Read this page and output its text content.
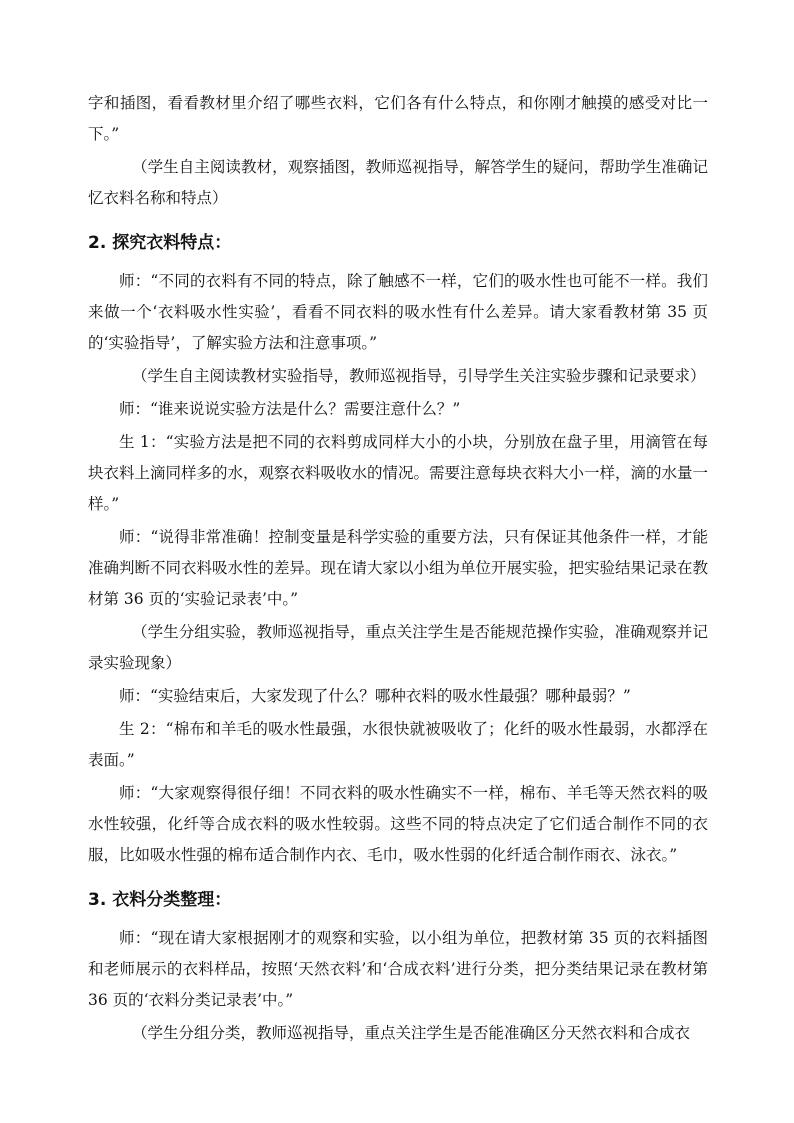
字和插图，看看教材里介绍了哪些衣料，它们各有什么特点，和你刚才触摸的感受对比一下。”

（学生自主阅读教材，观察插图，教师巡视指导，解答学生的疑问，帮助学生准确记忆衣料名称和特点）

2. 探究衣料特点：

师：“不同的衣料有不同的特点，除了触感不一样，它们的吸水性也可能不一样。我们来做一个‘衣料吸水性实验’，看看不同衣料的吸水性有什么差异。请大家看教材第 35 页的‘实验指导’，了解实验方法和注意事项。”

（学生自主阅读教材实验指导，教师巡视指导，引导学生关注实验步骤和记录要求）

师：“谁来说说实验方法是什么？需要注意什么？”

生 1：“实验方法是把不同的衣料剪成同样大小的小块，分别放在盘子里，用滴管在每块衣料上滴同样多的水，观察衣料吸收水的情况。需要注意每块衣料大小一样，滴的水量一样。”

师：“说得非常准确！控制变量是科学实验的重要方法，只有保证其他条件一样，才能准确判断不同衣料吸水性的差异。现在请大家以小组为单位开展实验，把实验结果记录在教材第 36 页的‘实验记录表’中。”

（学生分组实验，教师巡视指导，重点关注学生是否能规范操作实验，准确观察并记录实验现象）

师：“实验结束后，大家发现了什么？哪种衣料的吸水性最强？哪种最弱？”

生 2：“棉布和羊毛的吸水性最强，水很快就被吸收了；化纤的吸水性最弱，水都浮在表面。”

师：“大家观察得很仔细！不同衣料的吸水性确实不一样，棉布、羊毛等天然衣料的吸水性较强，化纤等合成衣料的吸水性较弱。这些不同的特点决定了它们适合制作不同的衣服，比如吸水性强的棉布适合制作内衣、毛巾，吸水性弱的化纤适合制作雨衣、泳衣。”

3. 衣料分类整理：

师：“现在请大家根据刚才的观察和实验，以小组为单位，把教材第 35 页的衣料插图和老师展示的衣料样品，按照‘天然衣料’和‘合成衣料’进行分类，把分类结果记录在教材第 36 页的‘衣料分类记录表’中。”

（学生分组分类，教师巡视指导，重点关注学生是否能准确区分天然衣料和合成衣
